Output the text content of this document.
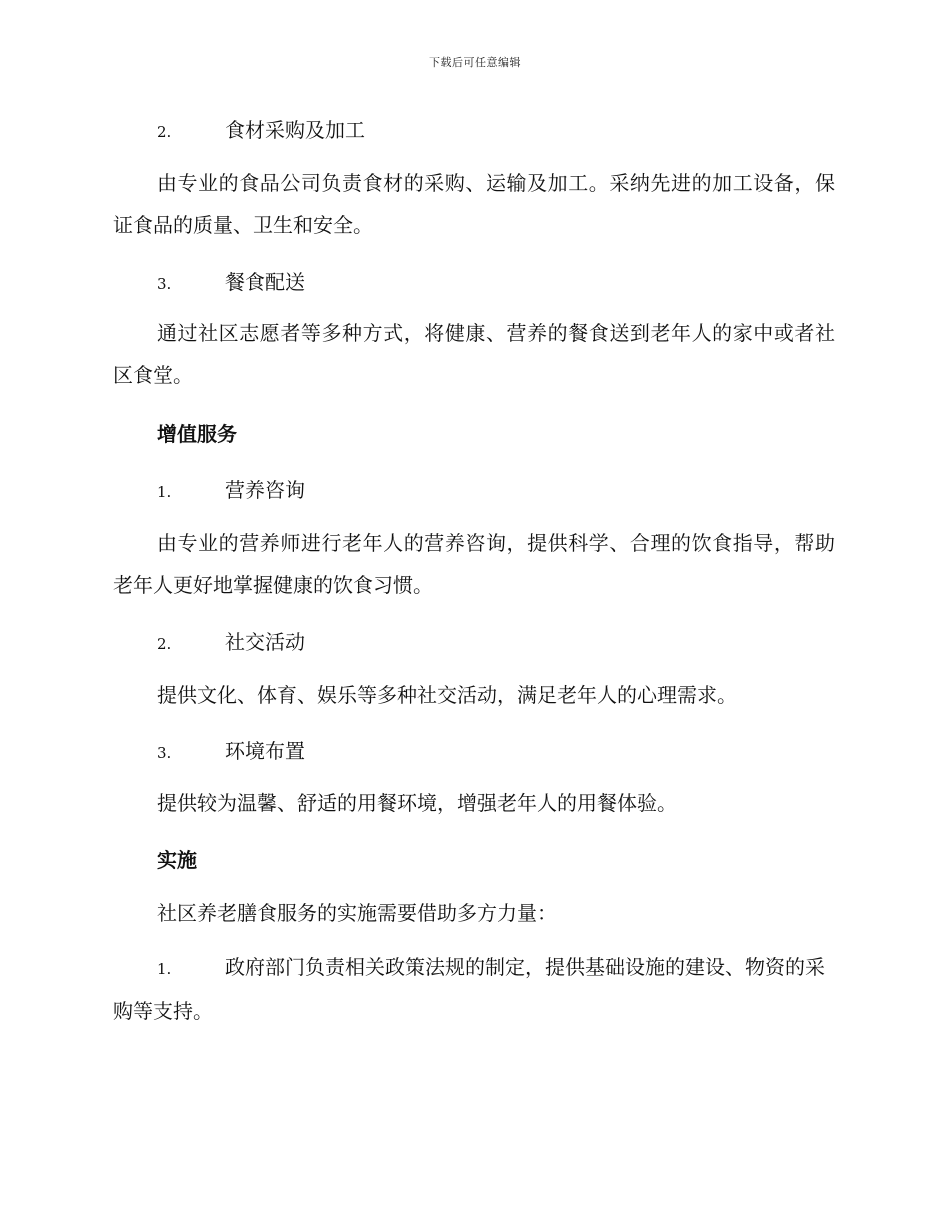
下载后可任意编辑
2.	食材采购及加工
由专业的食品公司负责食材的采购、运输及加工。采纳先进的加工设备，保证食品的质量、卫生和安全。
3.	餐食配送
通过社区志愿者等多种方式，将健康、营养的餐食送到老年人的家中或者社区食堂。
增值服务
1.	营养咨询
由专业的营养师进行老年人的营养咨询，提供科学、合理的饮食指导，帮助老年人更好地掌握健康的饮食习惯。
2.	社交活动
提供文化、体育、娱乐等多种社交活动，满足老年人的心理需求。
3.	环境布置
提供较为温馨、舒适的用餐环境，增强老年人的用餐体验。
实施
社区养老膳食服务的实施需要借助多方力量：
1.	政府部门负责相关政策法规的制定，提供基础设施的建设、物资的采购等支持。
